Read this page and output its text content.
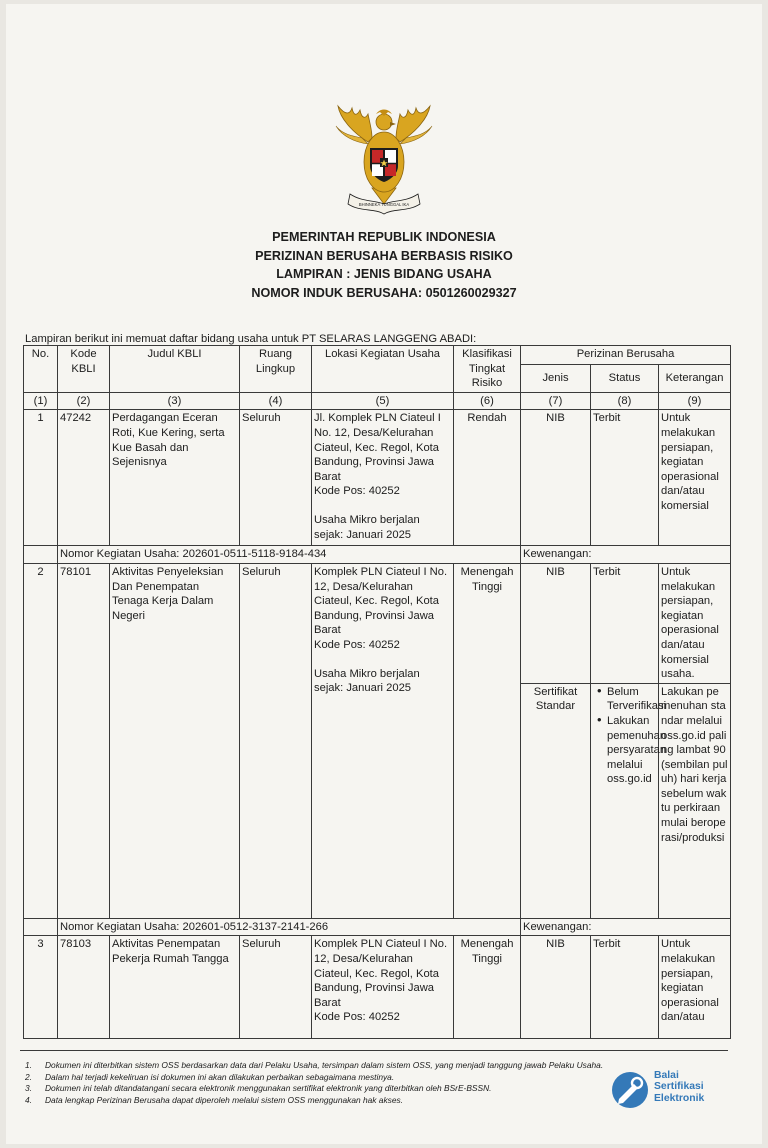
BHINNEKA TUNGGAL IKA
PEMERINTAH REPUBLIK INDONESIA
PERIZINAN BERUSAHA BERBASIS RISIKO
LAMPIRAN : JENIS BIDANG USAHA
NOMOR INDUK BERUSAHA: 0501260029327
Lampiran berikut ini memuat daftar bidang usaha untuk PT SELARAS LANGGENG ABADI:
No.	Kode KBLI	Judul KBLI	Ruang Lingkup	Lokasi Kegiatan Usaha	Klasifikasi Tingkat Risiko	Perizinan Berusaha		
						Jenis	Status	Keterangan
(1)	(2)	(3)	(4)	(5)	(6)	(7)	(8)	(9)
1	47242	Perdagangan Eceran Roti, Kue Kering, serta Kue Basah dan Sejenisnya	Seluruh	Jl. Komplek PLN Ciateul I No. 12, Desa/Kelurahan Ciateul, Kec. Regol, Kota Bandung, Provinsi Jawa Barat
Kode Pos: 40252
Usaha Mikro berjalan sejak: Januari 2025	Rendah	NIB	Terbit	Untuk melakukan persiapan, kegiatan operasional dan/atau komersial
	Nomor Kegiatan Usaha: 202601-0511-5118-9184-434					Kewenangan:		
2	78101	Aktivitas Penyeleksian Dan Penempatan Tenaga Kerja Dalam Negeri	Seluruh	Komplek PLN Ciateul I No. 12, Desa/Kelurahan Ciateul, Kec. Regol, Kota Bandung, Provinsi Jawa Barat
Kode Pos: 40252
Usaha Mikro berjalan sejak: Januari 2025	Menengah Tinggi	NIB	Terbit	Untuk melakukan persiapan, kegiatan operasional dan/atau komersial usaha.
						Sertifikat Standar	• Belum Terverifikasi
• Lakukan pemenuhan persyaratan melalui oss.go.id	Lakukan pemenuhan standar melalui oss.go.id paling lambat 90 (sembilan puluh) hari kerja sebelum waktu perkiraan mulai beroperasi/produksi
	Nomor Kegiatan Usaha: 202601-0512-3137-2141-266					Kewenangan:		
3	78103	Aktivitas Penempatan Pekerja Rumah Tangga	Seluruh	Komplek PLN Ciateul I No. 12, Desa/Kelurahan Ciateul, Kec. Regol, Kota Bandung, Provinsi Jawa Barat
Kode Pos: 40252	Menengah Tinggi	NIB	Terbit	Untuk melakukan persiapan, kegiatan operasional dan/atau
1.	Dokumen ini diterbitkan sistem OSS berdasarkan data dari Pelaku Usaha, tersimpan dalam sistem OSS, yang menjadi tanggung jawab Pelaku Usaha.
2.	Dalam hal terjadi kekeliruan isi dokumen ini akan dilakukan perbaikan sebagaimana mestinya.
3.	Dokumen ini telah ditandatangani secara elektronik menggunakan sertifikat elektronik yang diterbitkan oleh BSrE-BSSN.
4.	Data lengkap Perizinan Berusaha dapat diperoleh melalui sistem OSS menggunakan hak akses.
Balai
Sertifikasi
Elektronik
